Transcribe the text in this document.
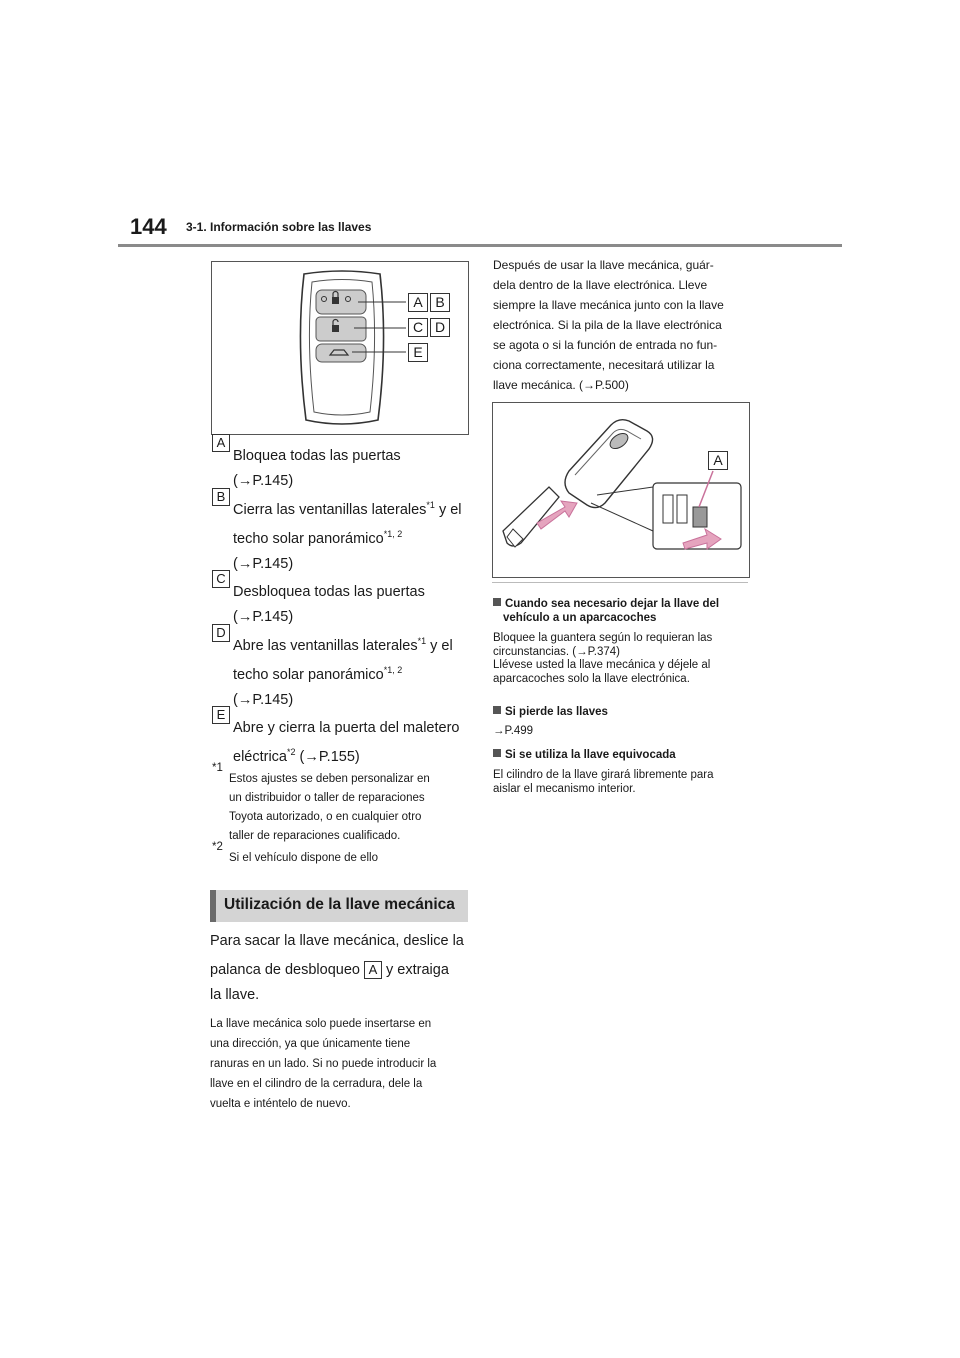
144 3-1. Información sobre las llaves
A B
C D
E
A
Bloquea todas las puertas
(→P.145)
B
Cierra las ventanillas laterales$^{*1}$ y el
techo solar panorámico$^{*1, 2}$
(→P.145)
C
Desbloquea todas las puertas
(→P.145)
D
Abre las ventanillas laterales$^{*1}$ y el
techo solar panorámico$^{*1, 2}$
(→P.145)
E
Abre y cierra la puerta del maletero
eléctrica$^{*2}$ (→P.155)
*1
Estos ajustes se deben personalizar en
un distribuidor o taller de reparaciones
Toyota autorizado, o en cualquier otro
taller de reparaciones cualificado.
*2
Si el vehículo dispone de ello
Utilización de la llave mecánica
Para sacar la llave mecánica, deslice la
palanca de desbloqueo A y extraiga
la llave.
La llave mecánica solo puede insertarse en
una dirección, ya que únicamente tiene
ranuras en un lado. Si no puede introducir la
llave en el cilindro de la cerradura, dele la
vuelta e inténtelo de nuevo.
Después de usar la llave mecánica, guár-
dela dentro de la llave electrónica. Lleve
siempre la llave mecánica junto con la llave
electrónica. Si la pila de la llave electrónica
se agota o si la función de entrada no fun-
ciona correctamente, necesitará utilizar la
llave mecánica. (→P.500)
A
Cuando sea necesario dejar la llave del
vehículo a un aparcacoches
Bloquee la guantera según lo requieran las
circunstancias. (→P.374)
Llévese usted la llave mecánica y déjele al
aparcacoches solo la llave electrónica.
Si pierde las llaves
→P.499
Si se utiliza la llave equivocada
El cilindro de la llave girará libremente para
aislar el mecanismo interior.
